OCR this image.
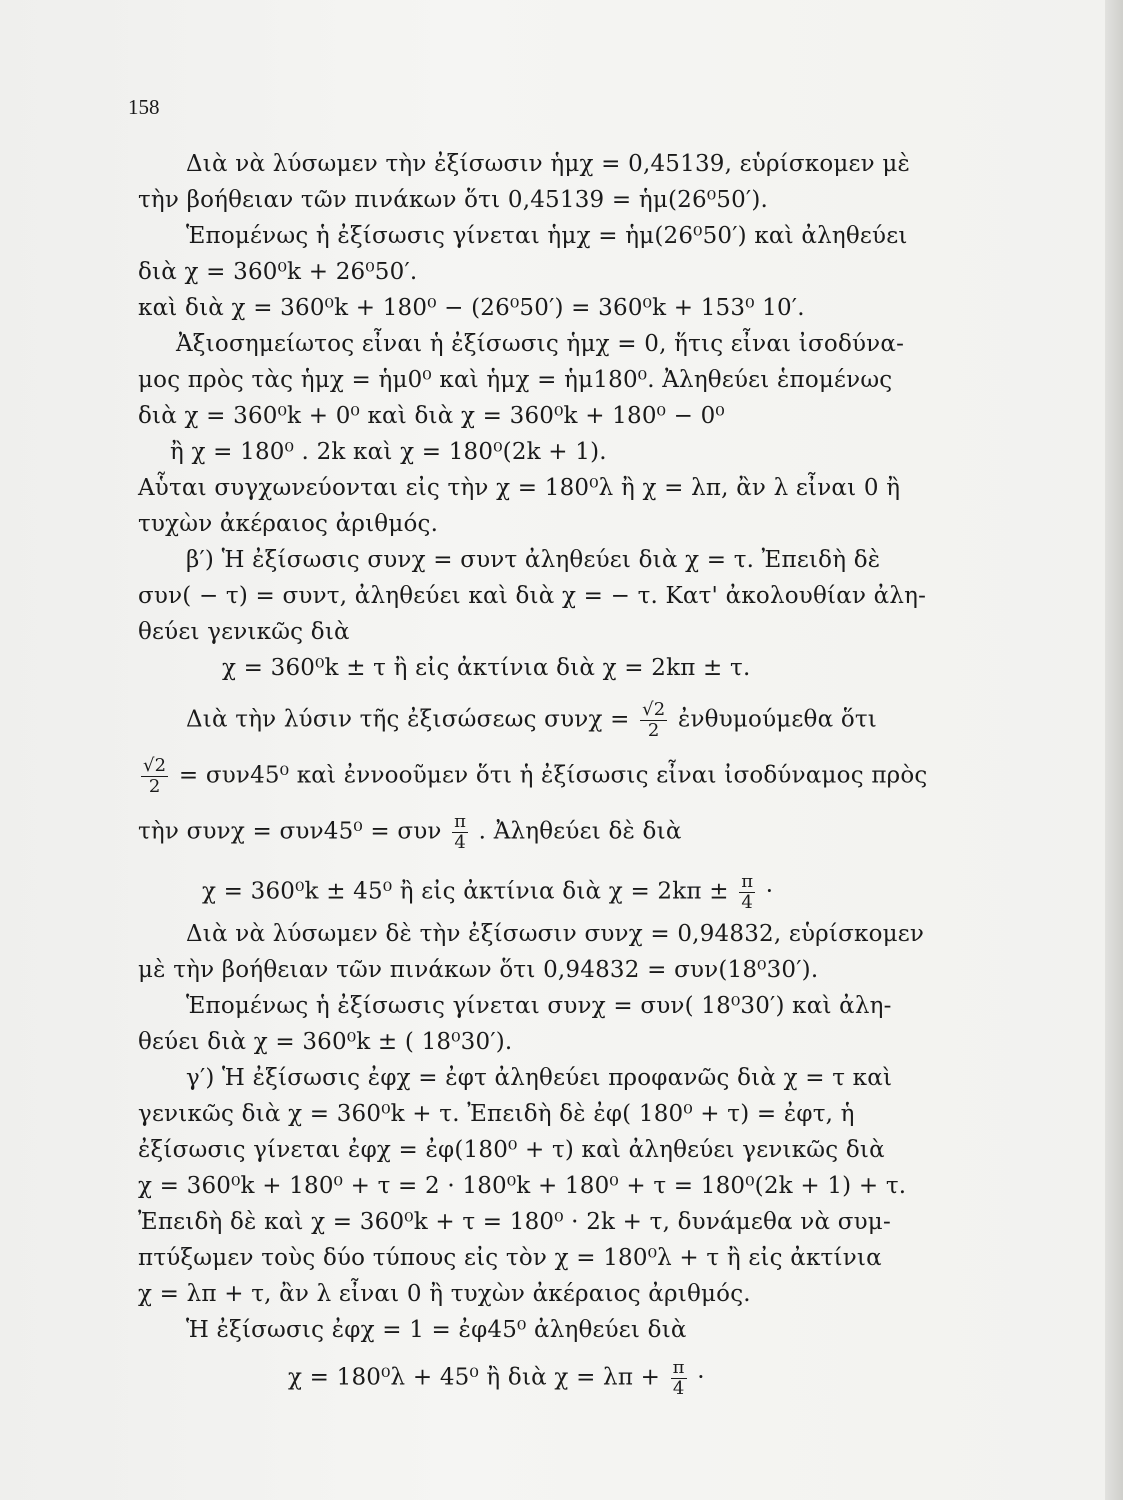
158
Διὰ νὰ λύσωμεν τὴν ἐξίσωσιν ἡμχ = 0,45139, εὑρίσκομεν μὲ
τὴν βοήθειαν τῶν πινάκων ὅτι 0,45139 = ἡμ(26⁰50′).
Ἑπομένως ἡ ἐξίσωσις γίνεται ἡμχ = ἡμ(26⁰50′) καὶ ἀληθεύει
διὰ χ = 360⁰k + 26⁰50′.
καὶ διὰ χ = 360⁰k + 180⁰ − (26⁰50′) = 360⁰k + 153⁰ 10′.
Ἀξιοσημείωτος εἶναι ἡ ἐξίσωσις ἡμχ = 0, ἥτις εἶναι ἰσοδύνα-
μος πρὸς τὰς ἡμχ = ἡμ0⁰ καὶ ἡμχ = ἡμ180⁰. Ἀληθεύει ἑπομένως
διὰ χ = 360⁰k + 0⁰ καὶ διὰ χ = 360⁰k + 180⁰ − 0⁰
ἢ χ = 180⁰ . 2k καὶ χ = 180⁰(2k + 1).
Αὗται συγχωνεύονται εἰς τὴν χ = 180⁰λ ἢ χ = λπ, ἂν λ εἶναι 0 ἢ
τυχὼν ἀκέραιος ἀριθμός.
β′) Ἡ ἐξίσωσις συνχ = συντ ἀληθεύει διὰ χ = τ. Ἐπειδὴ δὲ
συν( − τ) = συντ, ἀληθεύει καὶ διὰ χ = − τ. Κατ' ἀκολουθίαν ἀλη-
θεύει γενικῶς διὰ
χ = 360⁰k ± τ ἢ εἰς ἀκτίνια διὰ χ = 2kπ ± τ.
Διὰ τὴν λύσιν τῆς ἐξισώσεως $\sigma\upsilon\nu\chi = \frac{√2}{2}$ ἐνθυμούμεθα ὅτι
$\frac{√2}{2} = \sigma\upsilon\nu 45^0$ καὶ ἐννοοῦμεν ὅτι ἡ ἐξίσωσις εἶναι ἰσοδύναμος πρὸς
τὴν συνχ = συν45⁰ = συν $\frac{\pi}{4}$ . Ἀληθεύει δὲ διὰ
χ = 360⁰k ± 45⁰ ἢ εἰς ἀκτίνια διὰ $\chi = 2k\pi \pm \frac{\pi}{4}$ ·
Διὰ νὰ λύσωμεν δὲ τὴν ἐξίσωσιν συνχ = 0,94832, εὑρίσκομεν
μὲ τὴν βοήθειαν τῶν πινάκων ὅτι 0,94832 = συν(18⁰30′).
Ἑπομένως ἡ ἐξίσωσις γίνεται συνχ = συν( 18⁰30′) καὶ ἀλη-
θεύει διὰ χ = 360⁰k ± ( 18⁰30′).
γ′) Ἡ ἐξίσωσις ἐφχ = ἐφτ ἀληθεύει προφανῶς διὰ χ = τ καὶ
γενικῶς διὰ χ = 360⁰k + τ. Ἐπειδὴ δὲ ἐφ( 180⁰ + τ) = ἐφτ, ἡ
ἐξίσωσις γίνεται ἐφχ = ἐφ(180⁰ + τ) καὶ ἀληθεύει γενικῶς διὰ
χ = 360⁰k + 180⁰ + τ = 2 · 180⁰k + 180⁰ + τ = 180⁰(2k + 1) + τ.
Ἐπειδὴ δὲ καὶ χ = 360⁰k + τ = 180⁰ · 2k + τ, δυνάμεθα νὰ συμ-
πτύξωμεν τοὺς δύο τύπους εἰς τὸν χ = 180⁰λ + τ ἢ εἰς ἀκτίνια
χ = λπ + τ, ἂν λ εἶναι 0 ἢ τυχὼν ἀκέραιος ἀριθμός.
Ἡ ἐξίσωσις ἐφχ = 1 = ἐφ45⁰ ἀληθεύει διὰ
χ = 180⁰λ + 45⁰ ἢ διὰ $\chi = \lambda\pi + \frac{\pi}{4}$ ·
